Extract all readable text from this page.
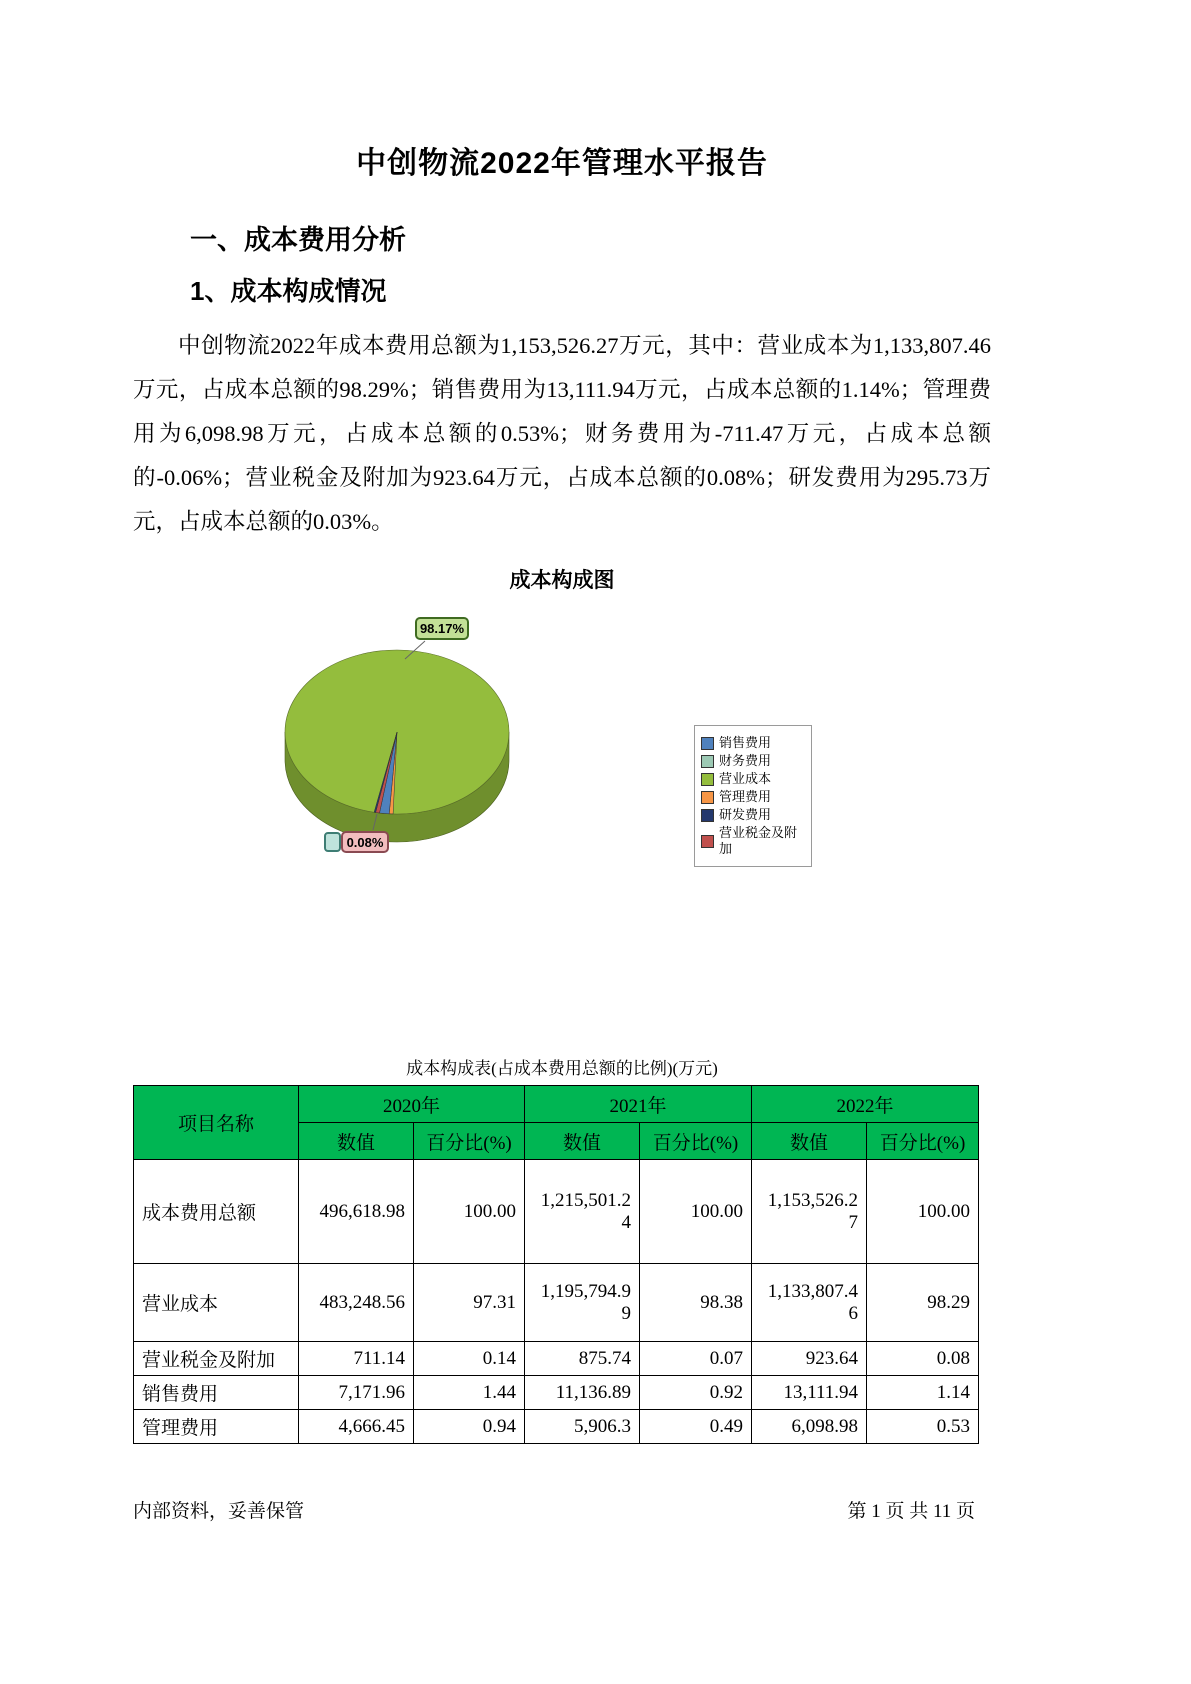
中创物流2022年管理水平报告
一、成本费用分析
1、成本构成情况

中创物流2022年成本费用总额为1,153,526.27万元，其中：营业成本为1,133,807.46万元，占成本总额的98.29%；销售费用为13,111.94万元，占成本总额的1.14%；管理费用为6,098.98万元，占成本总额的0.53%；财务费用为-711.47万元，占成本总额的-0.06%；营业税金及附加为923.64万元，占成本总额的0.08%；研发费用为295.73万元，占成本总额的0.03%。

成本构成图
0.08%
98.17%
销售费用
财务费用
营业成本
管理费用
研发费用
营业税金及附加
成本构成表(占成本费用总额的比例)(万元)
项目名称	2020年		2021年		2022年	
	数值	百分比(%)	数值	百分比(%)	数值	百分比(%)
成本费用总额	496,618.98	100.00	1,215,501.24	100.00	1,153,526.27	100.00
营业成本	483,248.56	97.31	1,195,794.99	98.38	1,133,807.46	98.29
营业税金及附加	711.14	0.14	875.74	0.07	923.64	0.08
销售费用	7,171.96	1.44	11,136.89	0.92	13,111.94	1.14
管理费用	4,666.45	0.94	5,906.3	0.49	6,098.98	0.53
内部资料，妥善保管	第 1 页 共 11 页
